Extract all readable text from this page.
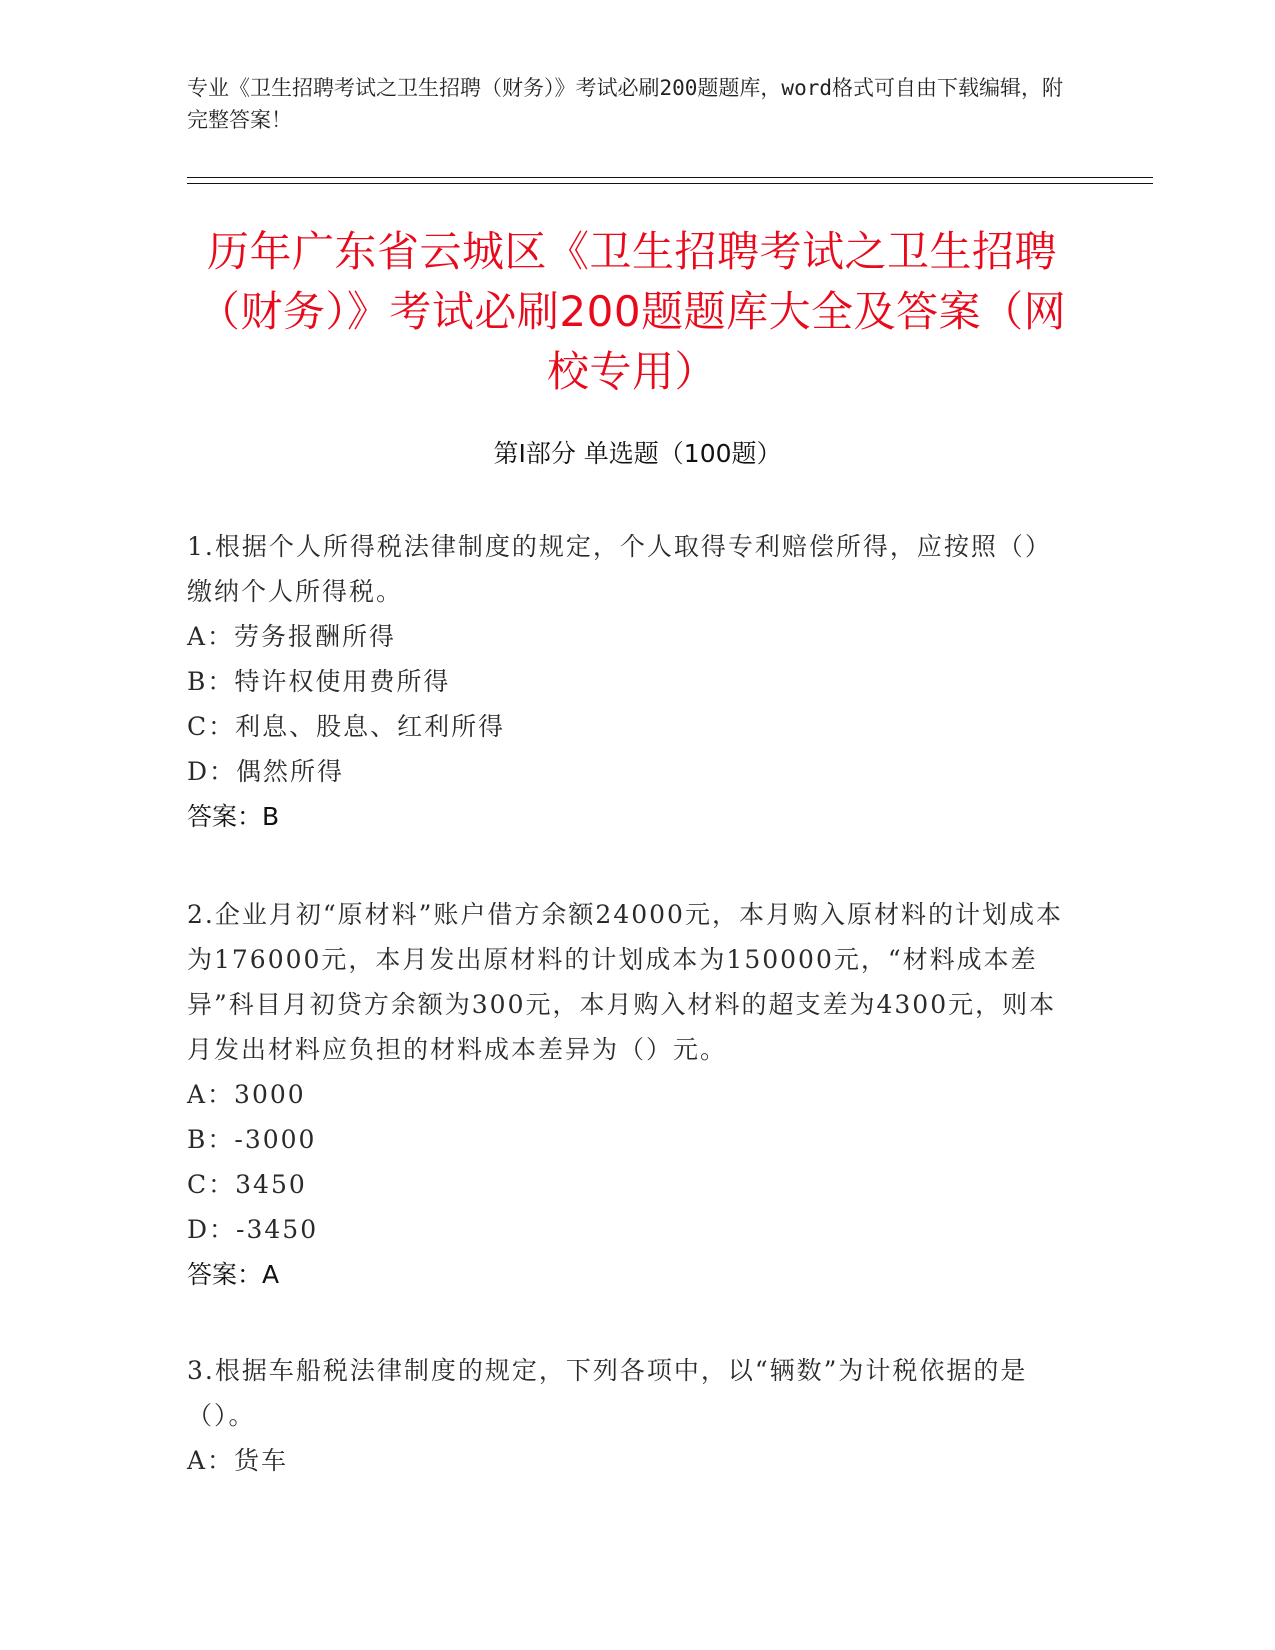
专业《卫生招聘考试之卫生招聘（财务）》考试必刷200题题库，word格式可自由下载编辑，附完整答案！
历年广东省云城区《卫生招聘考试之卫生招聘（财务）》考试必刷200题题库大全及答案（网校专用）
第I部分 单选题（100题）
1.根据个人所得税法律制度的规定，个人取得专利赔偿所得，应按照（）缴纳个人所得税。
A：劳务报酬所得
B：特许权使用费所得
C：利息、股息、红利所得
D：偶然所得
答案：B
2.企业月初“原材料”账户借方余额24000元，本月购入原材料的计划成本为176000元，本月发出原材料的计划成本为150000元，“材料成本差异”科目月初贷方余额为300元，本月购入材料的超支差为4300元，则本月发出材料应负担的材料成本差异为（）元。
A：3000
B：-3000
C：3450
D：-3450
答案：A
3.根据车船税法律制度的规定，下列各项中，以“辆数”为计税依据的是（）。
A：货车
